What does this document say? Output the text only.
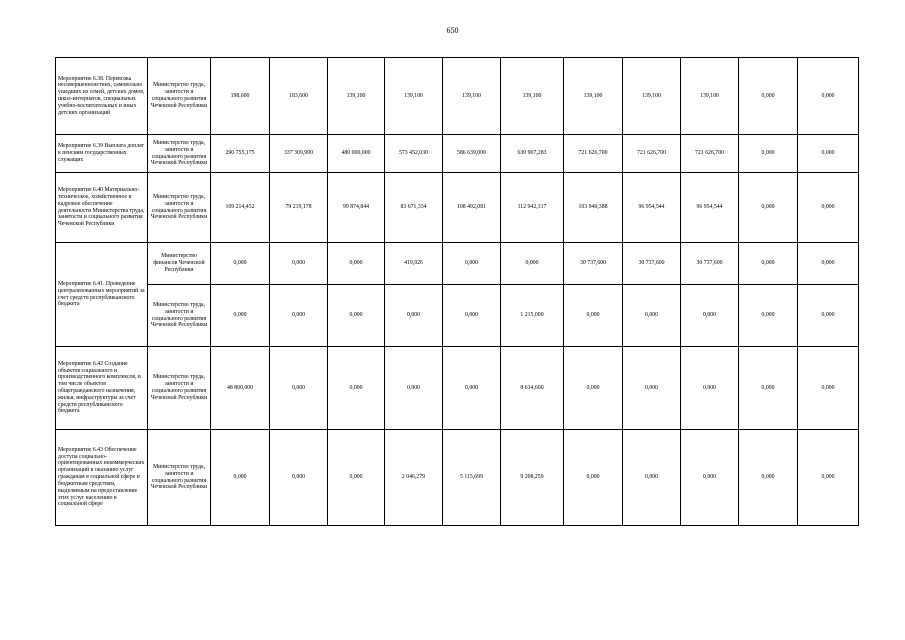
650
Мероприятие 6.38. Перевозка несовершеннолетних, самовольно ушедших из семей, детских домов, школ-интернатов, специальных учебно-воспитательных и иных детских организаций	Министерство труда, занятости и социального развития Чеченской Республики	198,600	183,600	139,100	139,100	139,100	139,100	139,100	139,100	139,100	0,000	0,000
Мероприятие 6.39 Выплата доплат к пенсиям государственных служащих	Министерство труда, занятости и социального развития Чеченской Республики	290 755,175	337 309,900	480 000,000	573 452,030	586 639,000	630 907,283	721 626,700	721 626,700	721 626,700	0,000	0,000
Мероприятие 6.40 Материально-техническое, хозяйственное и кадровое обеспечение деятельности Министерства труда, занятости и социального развития Чеченской Республики	Министерство труда, занятости и социального развития Чеченской Республики	109 214,452	79 219,178	99 874,844	83 671,334	108 492,081	112 942,317	103 940,388	96 954,544	96 954,544	0,000	0,000
Мероприятие 6.41. Проведение централизованных мероприятий за счет средств республиканского бюджета	Министерство финансов Чеченской Республики	0,000	0,000	0,000	419,926	0,000	0,000	30 737,600	30 737,600	30 737,600	0,000	0,000
	Министерство труда, занятости и социального развития Чеченской Республики	0,000	0,000	0,000	0,000	0,000	1 215,000	0,000	0,000	0,000	0,000	0,000
Мероприятие 6.42 Создание объектов социального и производственного комплексов, в том числе объектов общегражданского назначения, жилья, инфраструктуры за счет средств республиканского бюджета	Министерство труда, занятости и социального развития Чеченской Республики	48 800,000	0,000	0,000	0,000	0,000	8 614,600	0,000	0,000	0,000	0,000	0,000
Мероприятие 6.43 Обеспечение доступа социально-ориентированных некоммерческих организаций к оказанию услуг гражданам в социальной сфере и бюджетным средствам, выделяемым на предоставление этих услуг населению в социальной сфере	Министерство труда, занятости и социального развития Чеченской Республики	0,000	0,000	0,000	2 046,279	5 115,699	9 208,259	0,000	0,000	0,000	0,000	0,000
